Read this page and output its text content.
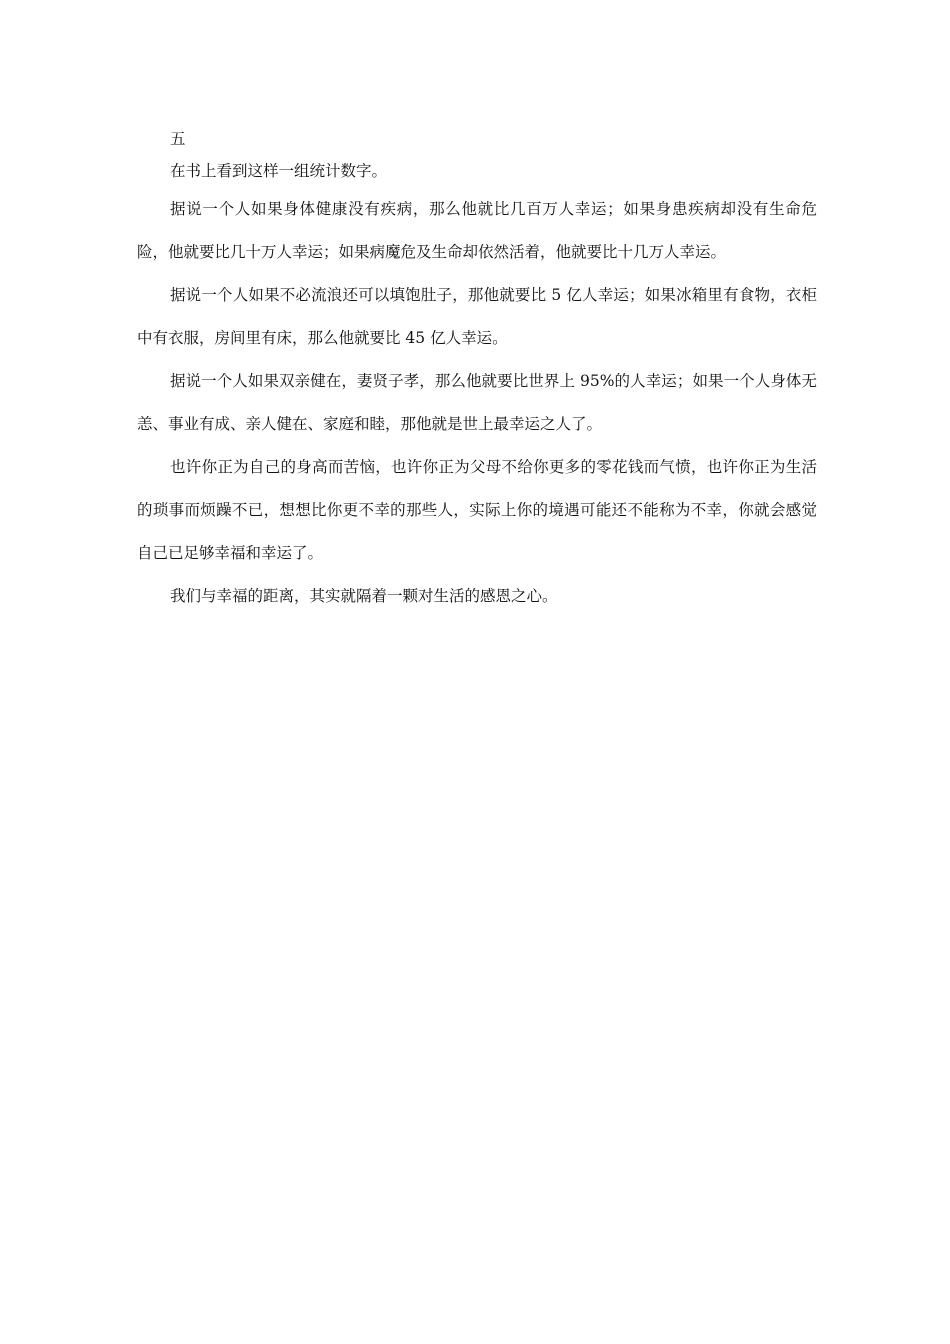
五

在书上看到这样一组统计数字。

据说一个人如果身体健康没有疾病，那么他就比几百万人幸运；如果身患疾病却没有生命危险，他就要比几十万人幸运；如果病魔危及生命却依然活着，他就要比十几万人幸运。

据说一个人如果不必流浪还可以填饱肚子，那他就要比 5 亿人幸运；如果冰箱里有食物，衣柜中有衣服，房间里有床，那么他就要比 45 亿人幸运。

据说一个人如果双亲健在，妻贤子孝，那么他就要比世界上 95%的人幸运；如果一个人身体无恙、事业有成、亲人健在、家庭和睦，那他就是世上最幸运之人了。

也许你正为自己的身高而苦恼，也许你正为父母不给你更多的零花钱而气愤，也许你正为生活的琐事而烦躁不已，想想比你更不幸的那些人，实际上你的境遇可能还不能称为不幸，你就会感觉自己已足够幸福和幸运了。

我们与幸福的距离，其实就隔着一颗对生活的感恩之心。
